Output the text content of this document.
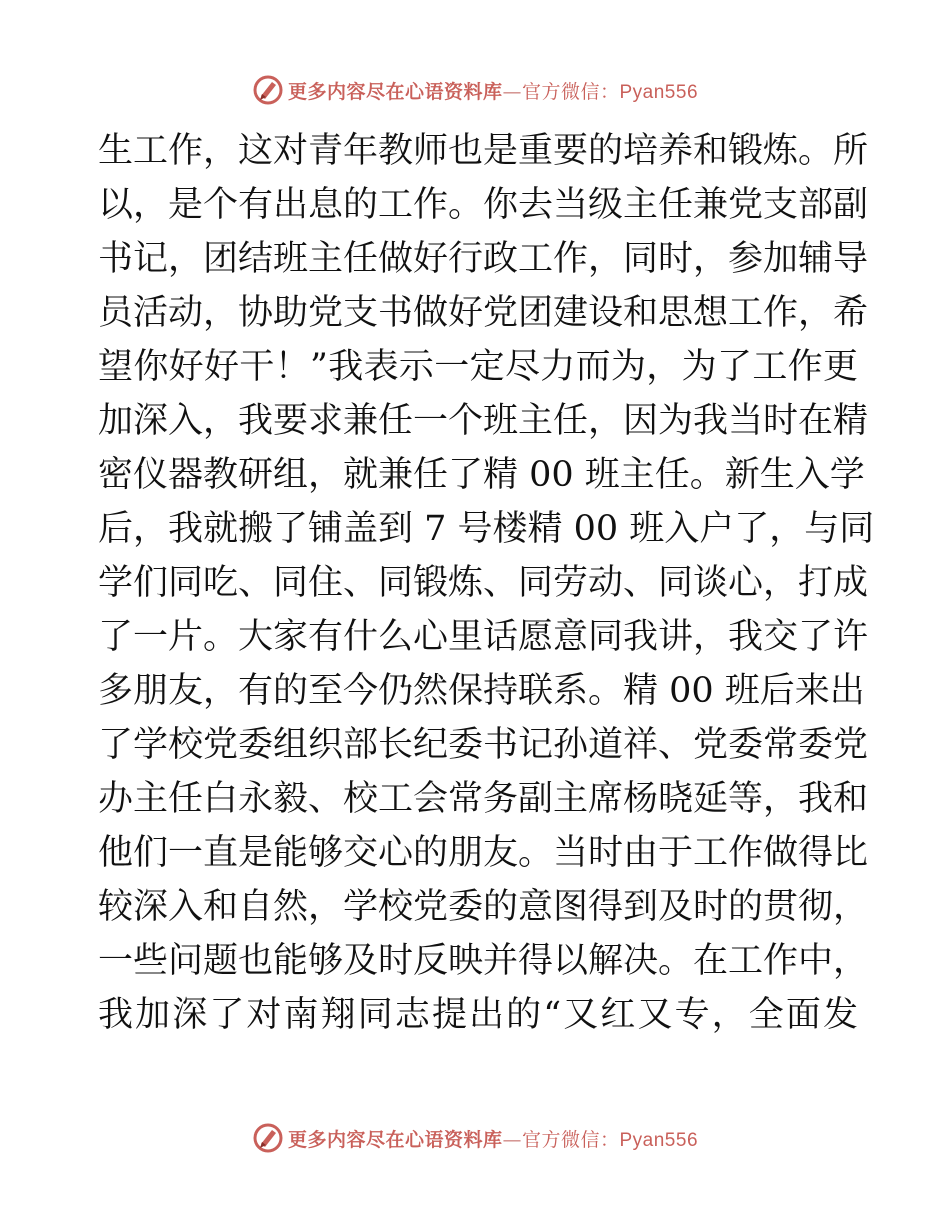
更多内容尽在心语资料库—官方微信：Pyan556
生工作，这对青年教师也是重要的培养和锻炼。所
以，是个有出息的工作。你去当级主任兼党支部副
书记，团结班主任做好行政工作，同时，参加辅导
员活动，协助党支书做好党团建设和思想工作，希
望你好好干！”我表示一定尽力而为，为了工作更
加深入，我要求兼任一个班主任，因为我当时在精
密仪器教研组，就兼任了精 00 班主任。新生入学
后，我就搬了铺盖到 7 号楼精 00 班入户了，与同
学们同吃、同住、同锻炼、同劳动、同谈心，打成
了一片。大家有什么心里话愿意同我讲，我交了许
多朋友，有的至今仍然保持联系。精 00 班后来出
了学校党委组织部长纪委书记孙道祥、党委常委党
办主任白永毅、校工会常务副主席杨晓延等，我和
他们一直是能够交心的朋友。当时由于工作做得比
较深入和自然，学校党委的意图得到及时的贯彻，
一些问题也能够及时反映并得以解决。在工作中，
我加深了对南翔同志提出的“又红又专，全面发
更多内容尽在心语资料库—官方微信：Pyan556
